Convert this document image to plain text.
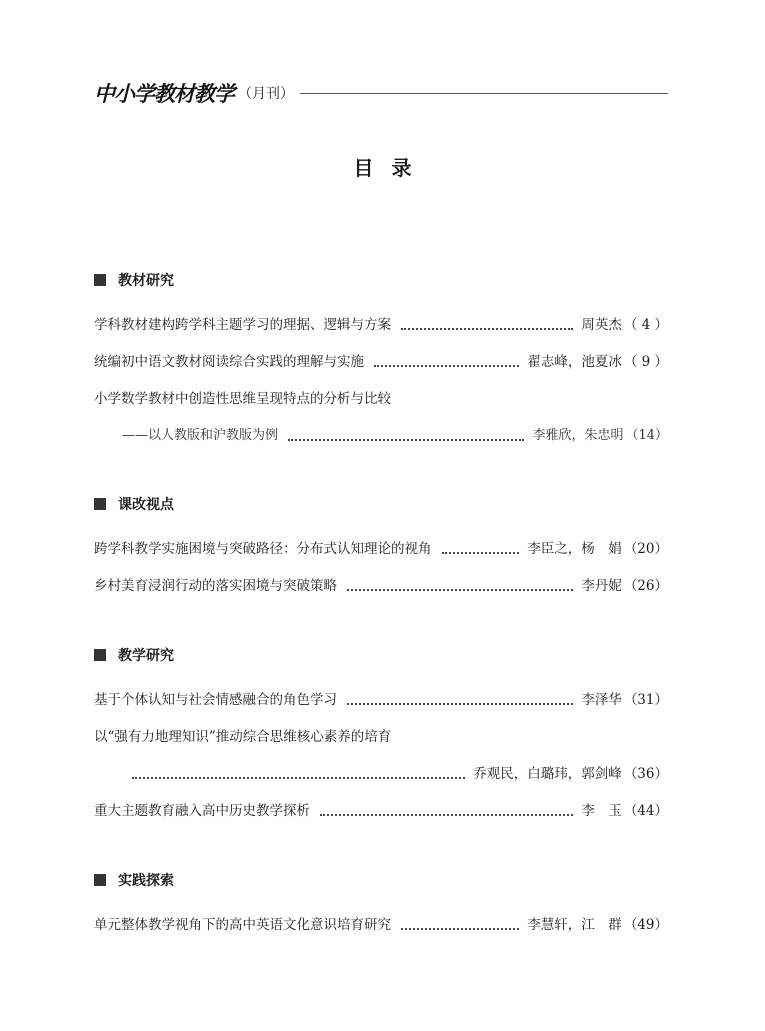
中小学教材教学 （月刊）
目 录
教材研究
学科教材建构跨学科主题学习的理据、逻辑与方案	周英杰 （ 4 ）
统编初中语文教材阅读综合实践的理解与实施	翟志峰，池夏冰 （ 9 ）
小学数学教材中创造性思维呈现特点的分析与比较
——以人教版和沪教版为例	李雅欣，朱忠明 （14）
课改视点
跨学科教学实施困境与突破路径：分布式认知理论的视角	李臣之，杨　娟 （20）
乡村美育浸润行动的落实困境与突破策略	李丹妮 （26）
教学研究
基于个体认知与社会情感融合的角色学习	李泽华 （31）
以“强有力地理知识”推动综合思维核心素养的培育
乔观民，白璐玮，郭剑峰 （36）
重大主题教育融入高中历史教学探析	李　玉 （44）
实践探索
单元整体教学视角下的高中英语文化意识培育研究	李慧轩，江　群 （49）
